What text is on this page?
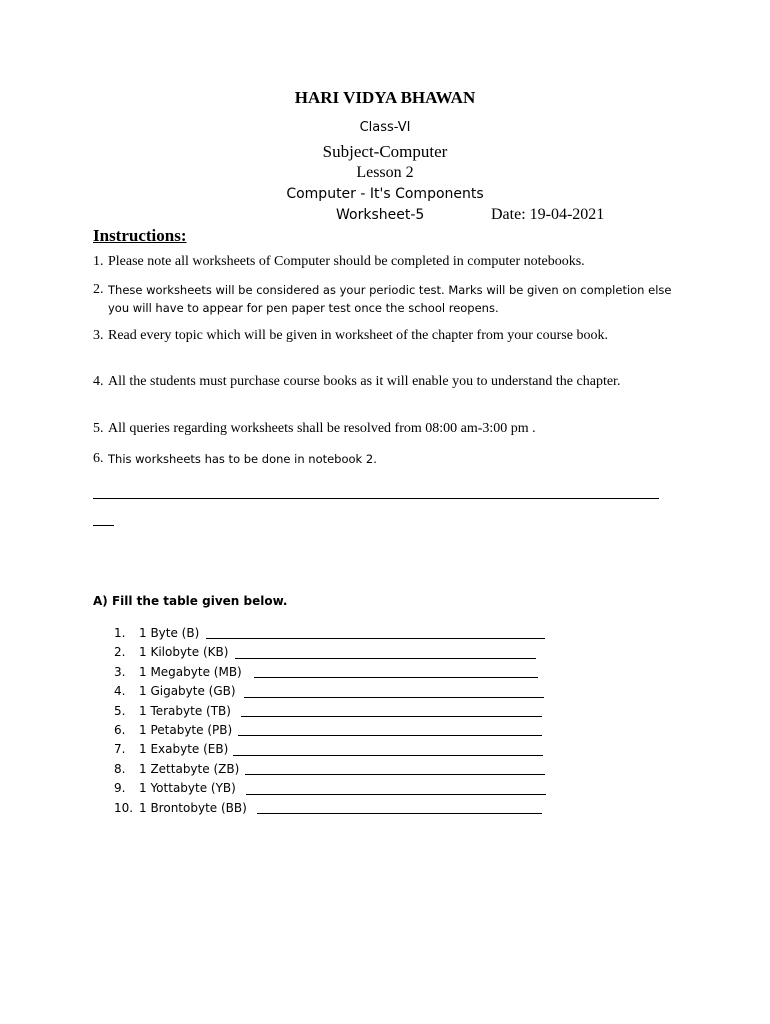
HARI VIDYA BHAWAN
Class-VI
Subject-Computer
Lesson 2
Computer - It's Components
Worksheet-5	Date: 19-04-2021
Instructions:
1. Please note all worksheets of Computer should be completed in computer notebooks.
2. These worksheets will be considered as your periodic test. Marks will be given on completion else you will have to appear for pen paper test once the school reopens.
3. Read every topic which will be given in worksheet of the chapter from your course book.
4. All the students must purchase course books as it will enable you to understand the chapter.
5. All queries regarding worksheets shall be resolved from 08:00 am-3:00 pm .
6. This worksheets has to be done in notebook 2.
A) Fill the table given below.
1. 1 Byte (B)
2. 1 Kilobyte (KB)
3. 1 Megabyte (MB)
4. 1 Gigabyte (GB)
5. 1 Terabyte (TB)
6. 1 Petabyte (PB)
7. 1 Exabyte (EB)
8. 1 Zettabyte (ZB)
9. 1 Yottabyte (YB)
10. 1 Brontobyte (BB)
